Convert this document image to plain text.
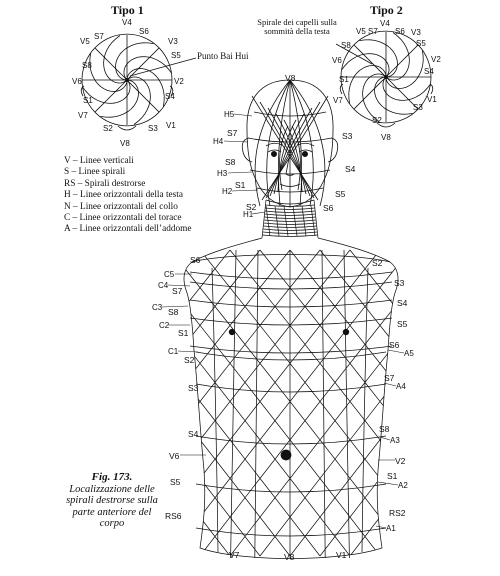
Tipo 1
V4
S6
V5
S7
V3
S5
S8
V2
V6
S4
S1
V7
S2	S3 V1
V8
Punto Bai Hui
Tipo 2
Spirale dei capelli sulla sommità della testa
V4
S6
V5 S7	V3
S5
S8
V2
V6
S4
S1
V7
S2
S3
V1
V8
V – Linee verticali
S – Linee spirali
RS – Spirali destrorse
H – Linee orizzontali della testa
N – Linee orizzontali del collo
C – Linee orizzontali del torace
A – Linee orizzontali dell’addome
Fig. 173.
Localizzazione delle spirali destrorse sulla parte anteriore del corpo
V8
H5
H4
H3
H2
H1
S7
S8
S1
S2
S3
S4
S5
S6
S6	S2
C5
C4
C3
C2
C1
S7
S8
S1
S2
S3
S4
V6
S5
RS6
S3
S4
S5
S6
A5
S7
A4
S8
A3
V2
S1
A2
RS2
A1
V7	V8	V1
